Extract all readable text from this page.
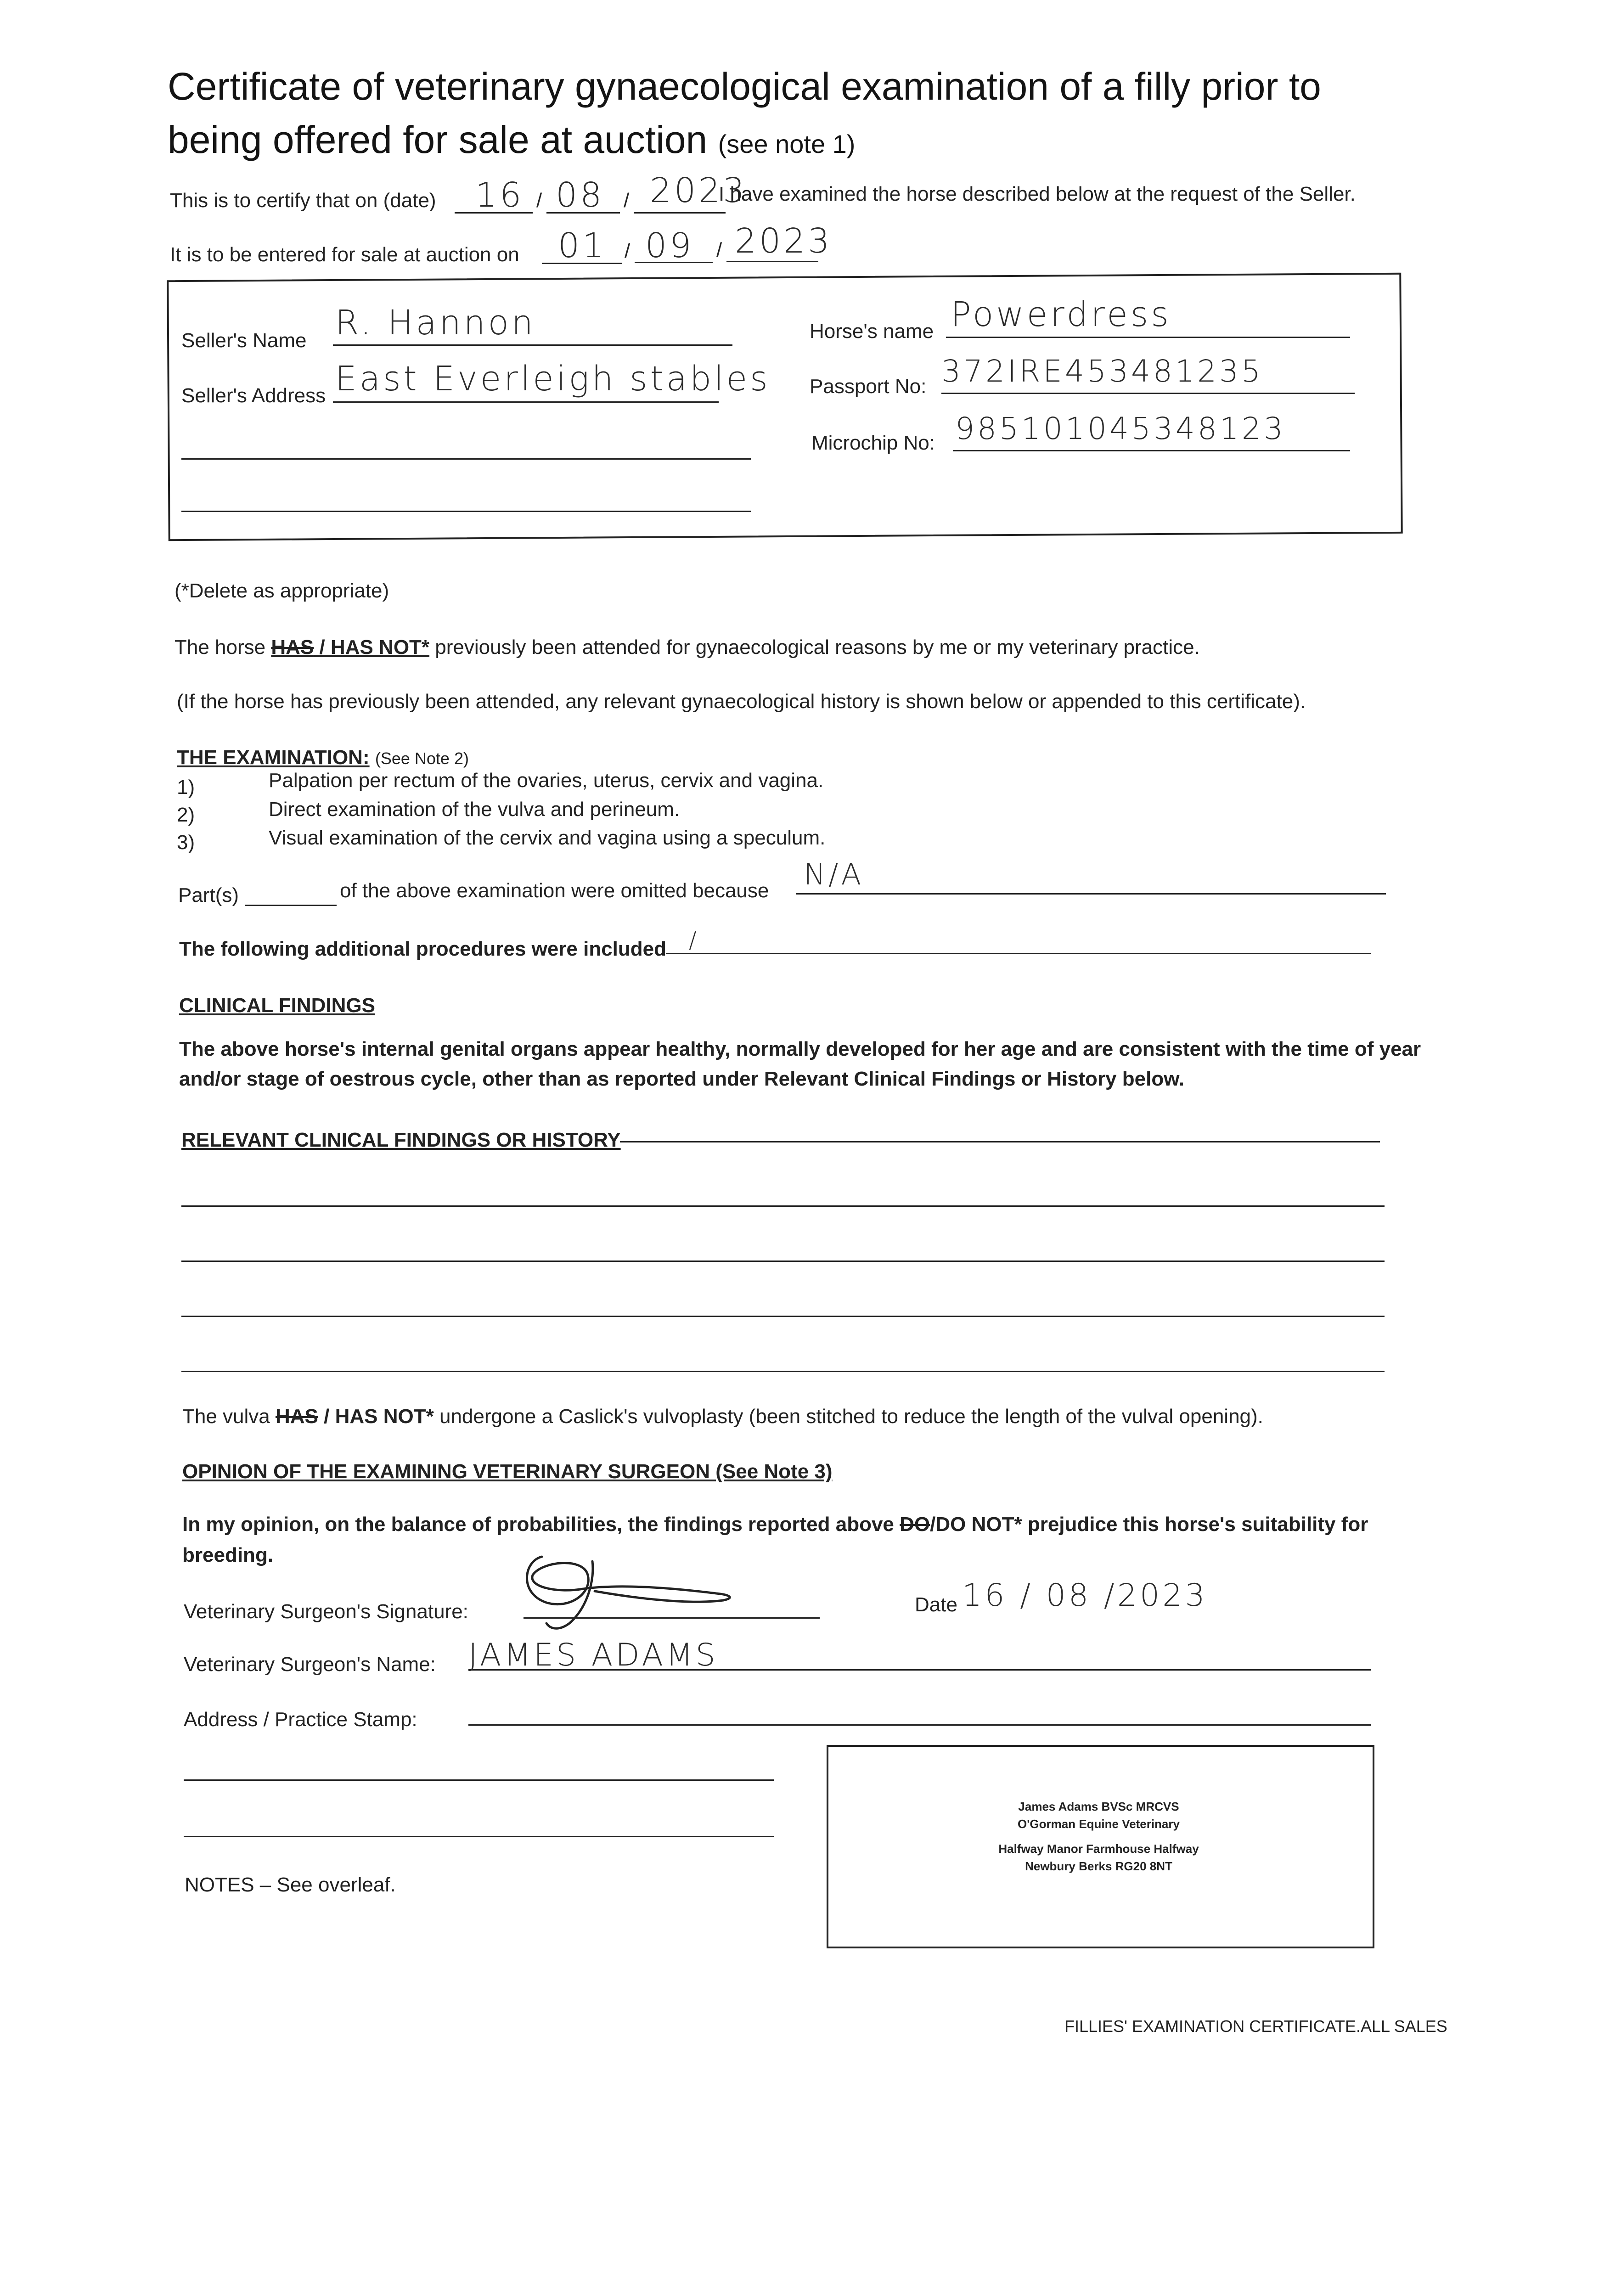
Certificate of veterinary gynaecological examination of a filly prior to
being offered for sale at auction (see note 1)
This is to certify that on (date) 16 / 08 / 2023
I have examined the horse described below at the request of the Seller.
It is to be entered for sale at auction on 01 / 09 / 2023
Seller's Name R. Hannon
Seller's Address East Everleigh stables
Horse's name Powerdress
Passport No: 372IRE453481235
Microchip No: 985101045348123
(*Delete as appropriate)
The horse HAS / HAS NOT* previously been attended for gynaecological reasons by me or my veterinary practice.
(If the horse has previously been attended, any relevant gynaecological history is shown below or appended to this certificate).
THE EXAMINATION: (See Note 2)
1)	Palpation per rectum of the ovaries, uterus, cervix and vagina.
2)	Direct examination of the vulva and perineum.
3)	Visual examination of the cervix and vagina using a speculum.
Part(s)	of the above examination were omitted because N/A
The following additional procedures were included /
CLINICAL FINDINGS
The above horse's internal genital organs appear healthy, normally developed for her age and are consistent with the time of year
and/or stage of oestrous cycle, other than as reported under Relevant Clinical Findings or History below.
RELEVANT CLINICAL FINDINGS OR HISTORY
The vulva HAS / HAS NOT* undergone a Caslick's vulvoplasty (been stitched to reduce the length of the vulval opening).
OPINION OF THE EXAMINING VETERINARY SURGEON (See Note 3)
In my opinion, on the balance of probabilities, the findings reported above DO/DO NOT* prejudice this horse's suitability for
breeding.
Veterinary Surgeon's Signature:	Date 16 / 08 /2023
Veterinary Surgeon's Name: JAMES ADAMS
Address / Practice Stamp:
James Adams BVSc MRCVS
O'Gorman Equine Veterinary
Halfway Manor Farmhouse Halfway
Newbury Berks RG20 8NT
NOTES – See overleaf.
FILLIES' EXAMINATION CERTIFICATE.ALL SALES
